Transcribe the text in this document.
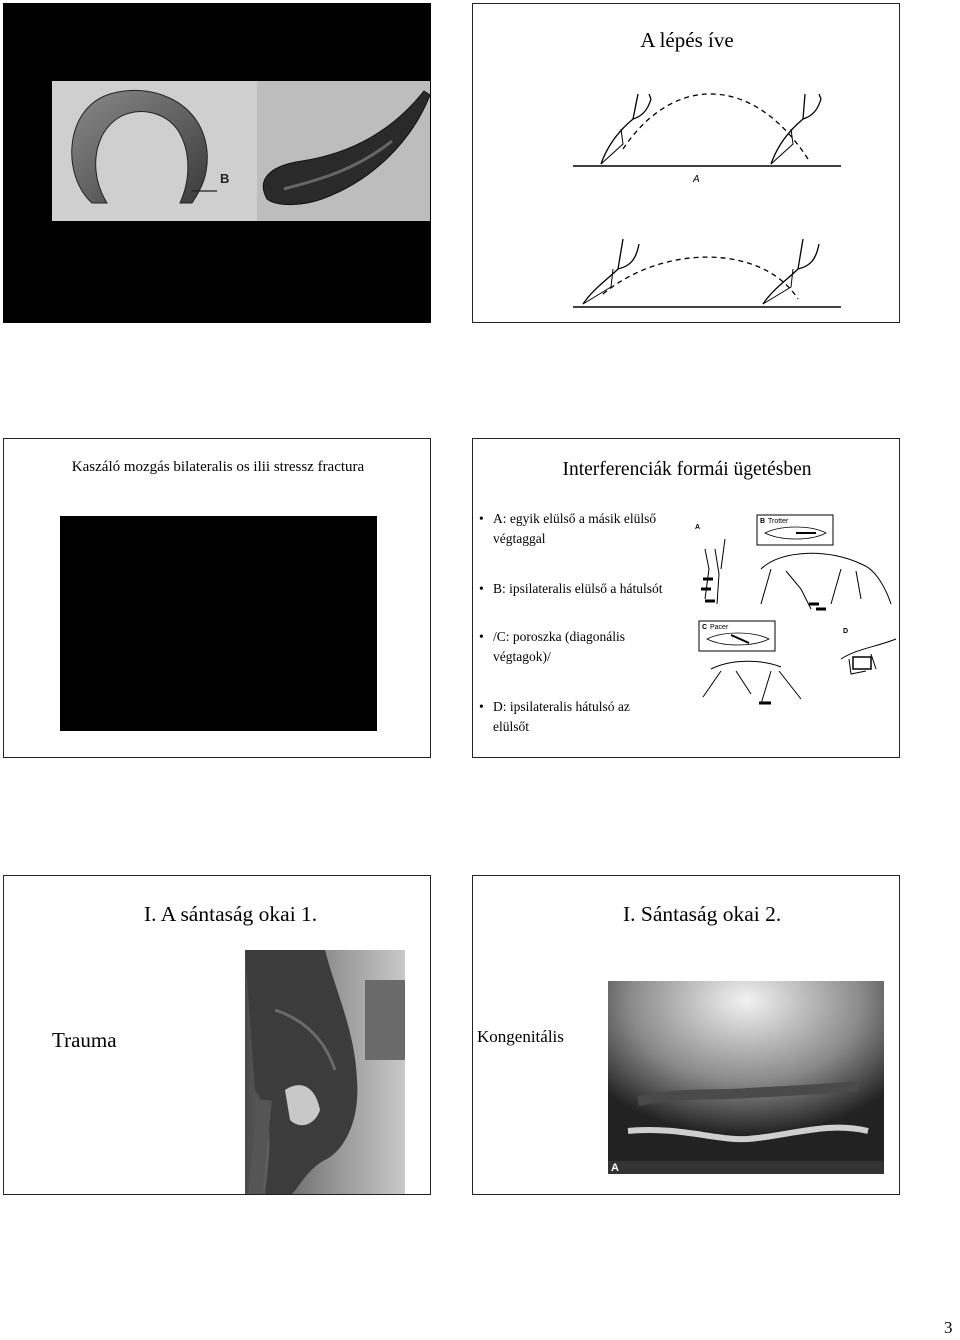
B
A lépés íve
A
Kaszáló mozgás bilateralis os ilii stressz fractura	Interferenciák formái ügetésben
• A: egyik elülső a másik elülső
végtaggal
• B: ipsilateralis elülső a hátulsót
• /C: poroszka (diagonális
végtagok)/
• D: ipsilateralis hátulsó az
elülsőt
A
B Trotter
C Pacer
D
I. A sántaság okai 1.
Trauma
I. Sántaság okai 2.
Kongenitális
A
3
